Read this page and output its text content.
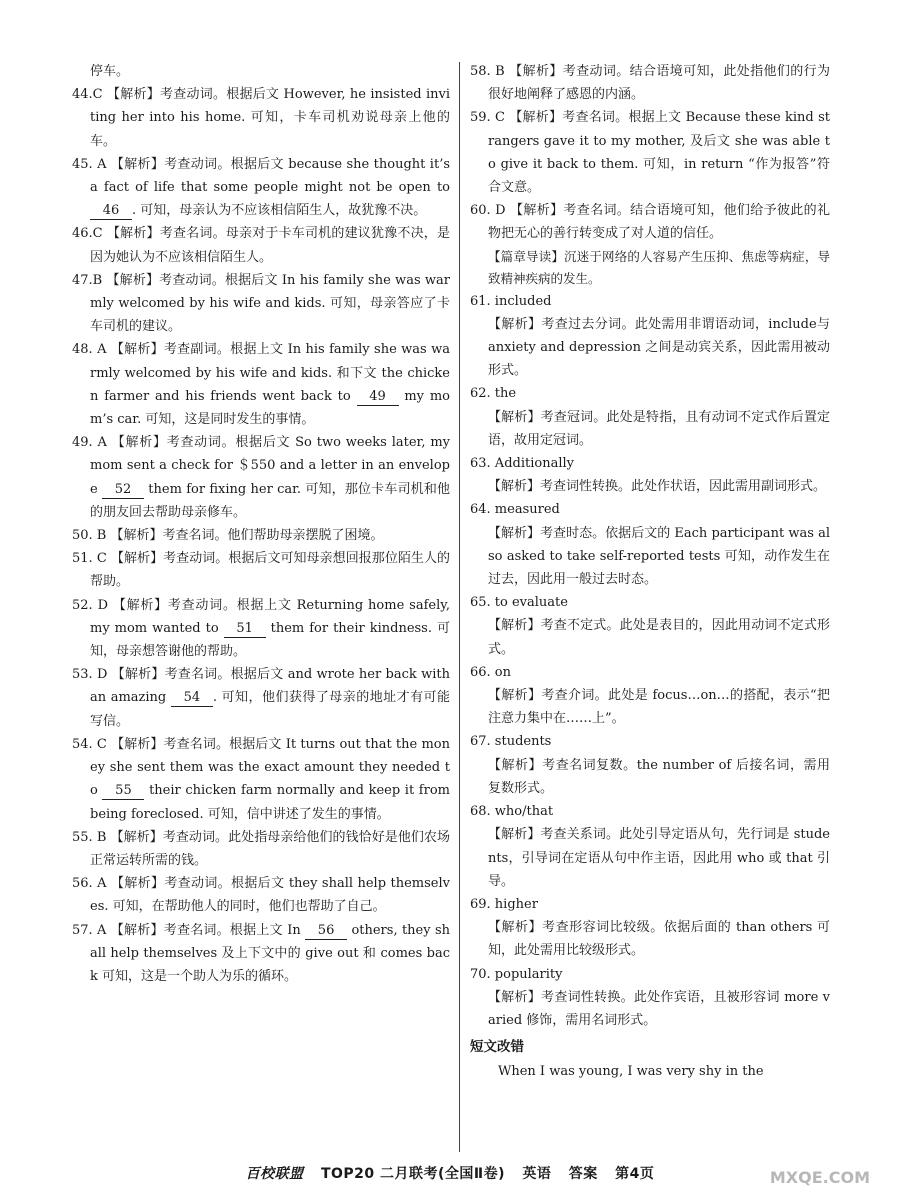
停车。

44.C 【解析】考查动词。根据后文 However, he insisted inviting her into his home. 可知，卡车司机劝说母亲上他的车。

45. A 【解析】考查动词。根据后文 because she thought it’s a fact of life that some people might not be open to 46 . 可知，母亲认为不应该相信陌生人，故犹豫不决。

46.C 【解析】考查名词。母亲对于卡车司机的建议犹豫不决，是因为她认为不应该相信陌生人。

47.B 【解析】考查动词。根据后文 In his family she was warmly welcomed by his wife and kids. 可知，母亲答应了卡车司机的建议。

48. A 【解析】考查副词。根据上文 In his family she was warmly welcomed by his wife and kids. 和下文 the chicken farmer and his friends went back to 49 my mom’s car. 可知，这是同时发生的事情。

49. A 【解析】考查动词。根据后文 So two weeks later, my mom sent a check for ＄550 and a letter in an envelope 52 them for fixing her car. 可知，那位卡车司机和他的朋友回去帮助母亲修车。

50. B 【解析】考查名词。他们帮助母亲摆脱了困境。

51. C 【解析】考查动词。根据后文可知母亲想回报那位陌生人的帮助。

52. D 【解析】考查动词。根据上文 Returning home safely, my mom wanted to 51 them for their kindness. 可知，母亲想答谢他的帮助。

53. D 【解析】考查名词。根据后文 and wrote her back with an amazing 54 . 可知，他们获得了母亲的地址才有可能写信。

54. C 【解析】考查名词。根据后文 It turns out that the money she sent them was the exact amount they needed to 55 their chicken farm normally and keep it from being foreclosed. 可知，信中讲述了发生的事情。

55. B 【解析】考查动词。此处指母亲给他们的钱恰好是他们农场正常运转所需的钱。

56. A 【解析】考查动词。根据后文 they shall help themselves. 可知，在帮助他人的同时，他们也帮助了自己。

57. A 【解析】考查名词。根据上文 In 56 others, they shall help themselves 及上下文中的 give out 和 comes back 可知，这是一个助人为乐的循环。

58. B 【解析】考查动词。结合语境可知，此处指他们的行为很好地阐释了感恩的内涵。

59. C 【解析】考查名词。根据上文 Because these kind strangers gave it to my mother, 及后文 she was able to give it back to them. 可知，in return “作为报答”符合文意。

60. D 【解析】考查名词。结合语境可知，他们给予彼此的礼物把无心的善行转变成了对人道的信任。

【篇章导读】沉迷于网络的人容易产生压抑、焦虑等病症，导致精神疾病的发生。

61. included

【解析】考查过去分词。此处需用非谓语动词，include与 anxiety and depression 之间是动宾关系，因此需用被动形式。

62. the

【解析】考查冠词。此处是特指，且有动词不定式作后置定语，故用定冠词。

63. Additionally

【解析】考查词性转换。此处作状语，因此需用副词形式。

64. measured

【解析】考查时态。依据后文的 Each participant was also asked to take self-reported tests 可知，动作发生在过去，因此用一般过去时态。

65. to evaluate

【解析】考查不定式。此处是表目的，因此用动词不定式形式。

66. on

【解析】考查介词。此处是 focus…on…的搭配，表示“把注意力集中在……上”。

67. students

【解析】考查名词复数。the number of 后接名词，需用复数形式。

68. who/that

【解析】考查关系词。此处引导定语从句，先行词是 students，引导词在定语从句中作主语，因此用 who 或 that 引导。

69. higher

【解析】考查形容词比较级。依据后面的 than others 可知，此处需用比较级形式。

70. popularity

【解析】考查词性转换。此处作宾语，且被形容词 more varied 修饰，需用名词形式。

短文改错

When I was young, I was very shy in the

百校联盟 TOP20 二月联考(全国Ⅱ卷) 英语 答案 第4页	MXQE.COM
